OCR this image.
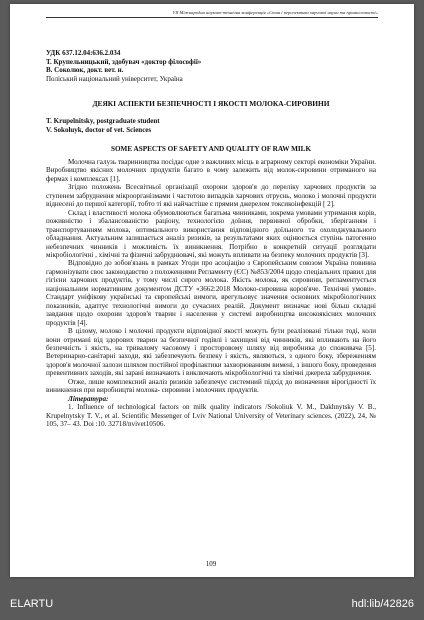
VII Міжнародна науково-технічна конференція «Стан і перспективи харчової науки та промисловості»
УДК 637.12.04:636.2.034
Т. Крупельницький, здобувач «доктор філософії»
В. Соколюк, докт. вет. н.
Поліський національний університет, Україна
ДЕЯКІ АСПЕКТИ БЕЗПЕЧНОСТІ І ЯКОСТІ МОЛОКА-СИРОВИНИ
T. Krupelnitsky, postgraduate student
V. Sokoluyk, doctor of vet. Sciences
SOME ASPECTS OF SAFETY AND QUALITY OF RAW MILK

Молочна галузь тваринництва посідає одне з важливих місць в аграрному секторі економіки України. Виробництво якісних молочних продуктів багато в чому залежить від молок-сировини отриманого на фермах і комплексах [1].

Згідно положень Всесвітньої організації охорони здоров'я до переліку харчових продуктів за ступенем забруднення мікроорганізмами і частотою випадків харчових отруєнь, молоко і молочні продукти віднесені до першої категорії, тобто ті які найчастіше є прямим джерелом токсикоінфекцій [ 2].

Склад і властивості молока обумовлюються багатьма чинниками, зокрема умовами утримання корів, поживністю і збалансованістю раціону, технологією доїння, первинної обробки, зберіганням і транспортуванням молока, оптимального використання відповідного доїльного та охолоджувального обладнання. Актуальним залишається аналіз ризиків, за результатами яких оцінюється ступінь патогенно небезпечних чинників і можливість їх виникнення. Потрібно в конкретній ситуації розглядати мікробіологічні , хімічні та фізичні забруднювачі, які можуть впливати на безпеку молочних продуктів [3].

Відповідно до зобов'язань в рамках Угоди про асоціацію з Європейським союзом Україна повинна гармонізувати своє законодавство з положеннями Регламенту (ЄС) №853/2004 щодо спеціальних правил для гігієни харчових продуктів, у тому числі сирого молока. Якість молока, як сировини, регламентується національним нормативним документом ДСТУ «3662:2018 Молоко-сировина коров'яче. Технічні умови». Стандарт уніфікову українські та європейські вимоги, врегульовує значення основних мікробіологічних показників, адаптує технологічні вимоги до сучасних реалій. Документ визначає нові більш складні завдання щодо охорони здоров'я тварин і населення у системі виробництва високоякісних молочних продуктів [4].

В цілому, молоко і молочні продукти відповідної якості можуть бути реалізовані тільки тоді, коли вони отримані від здорових тварин за безпечної годівлі і захищені від чинників, які впливають на його безпечність і якість, на тривалому часовому і просторовому шляху від виробника до споживача [5]. Ветеринарно-санітарні заходи, які забезпечують безпеку і якість, являються, з одного боку, збереженням здоров'я молочної залози шляхом постійної профілактики захворюванням вимені, з іншого боку, проведення превентивних заходів, які зарані визначають і виключають мікробіологічні та хімічні джерела забруднення.

Отже, лише комплексний аналіз ризиків забезпечує системний підхід до визначення вірогідності їх виникнення при виробництві молока- сировини і молочних продуктів.

Література:

1. Influence of technological factors on milk quality indicators /Sokoliuk V. M., Dakhnytsky V. B., Krupelnytsky T. V., et al. Scientific Messenger of Lviv National University of Veterinary sciences. (2022), 24, № 105, 37– 43. Doi :10. 32718/nvivet10506.

109
ELARTU	hdl:lib/42826
